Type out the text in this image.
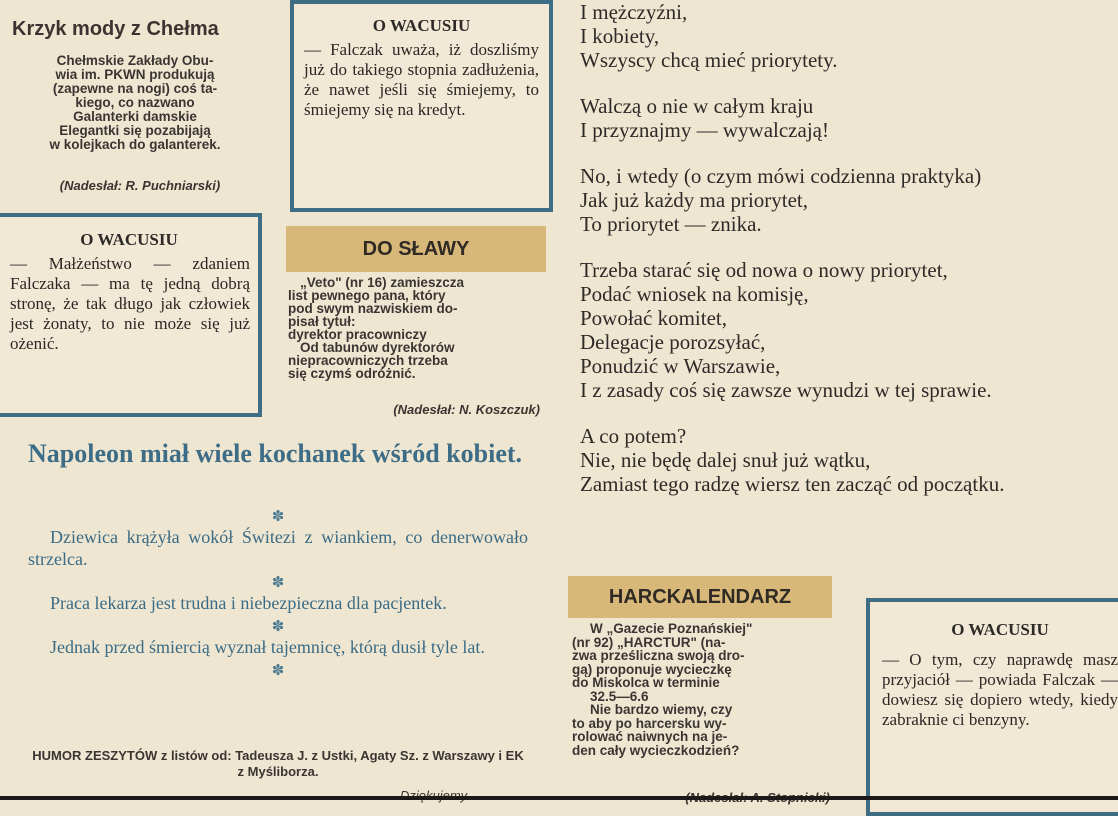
Krzyk mody z Chełma
Chełmskie Zakłady Obu-
wia im. PKWN produkują
(zapewne na nogi) coś ta-
kiego, co nazwano
Galanterki damskie
Elegantki się pozabijają
w kolejkach do galanterek.
(Nadesłał: R. Puchniarski)
O WACUSIU
— Małżeństwo — zdaniem Falczaka — ma tę jedną dobrą stronę, że tak długo jak człowiek jest żonaty, to nie może się już ożenić.
O WACUSIU
— Falczak uważa, iż doszliśmy już do takiego stopnia zadłużenia, że nawet jeśli się śmiejemy, to śmiejemy się na kredyt.
DO SŁAWY

„Veto" (nr 16) zamieszcza

list pewnego pana, który

pod swym nazwiskiem do-

pisał tytuł:

dyrektor pracowniczy

Od tabunów dyrektorów

niepracowniczych trzeba

się czymś odróżnić.

(Nadesłał: N. Koszczuk)
Napoleon miał wiele kochanek wśród kobiet.
✽
Dziewica krążyła wokół Świtezi z wiankiem, co denerwowało strzelca.
✽
Praca lekarza jest trudna i niebezpieczna dla pacjentek.
✽
Jednak przed śmiercią wyznał tajemnicę, którą dusił tyle lat.
✽
HUMOR ZESZYTÓW z listów od: Tadeusza J. z Ustki, Agaty Sz. z Warszawy i EK z Myśliborza.
I mężczyźni,
I kobiety,
Wszyscy chcą mieć priorytety.
Walczą o nie w całym kraju
I przyznajmy — wywalczają!
No, i wtedy (o czym mówi codzienna praktyka)
Jak już każdy ma priorytet,
To priorytet — znika.
Trzeba starać się od nowa o nowy priorytet,
Podać wniosek na komisję,
Powołać komitet,
Delegacje porozsyłać,
Ponudzić w Warszawie,
I z zasady coś się zawsze wynudzi w tej sprawie.
A co potem?
Nie, nie będę dalej snuł już wątku,
Zamiast tego radzę wiersz ten zacząć od początku.
HARCKALENDARZ

W „Gazecie Poznańskiej"

(nr 92) „HARCTUR" (na-

zwa prześliczna swoją dro-

gą) proponuje wycieczkę

do Miskolca w terminie

32.5—6.6

Nie bardzo wiemy, czy

to aby po harcersku wy-

rolować naiwnych na je-

den cały wycieczkodzień?

O WACUSIU
— O tym, czy naprawdę masz przyjaciół — powiada Falczak — dowiesz się dopiero wtedy, kiedy zabraknie ci benzyny.
